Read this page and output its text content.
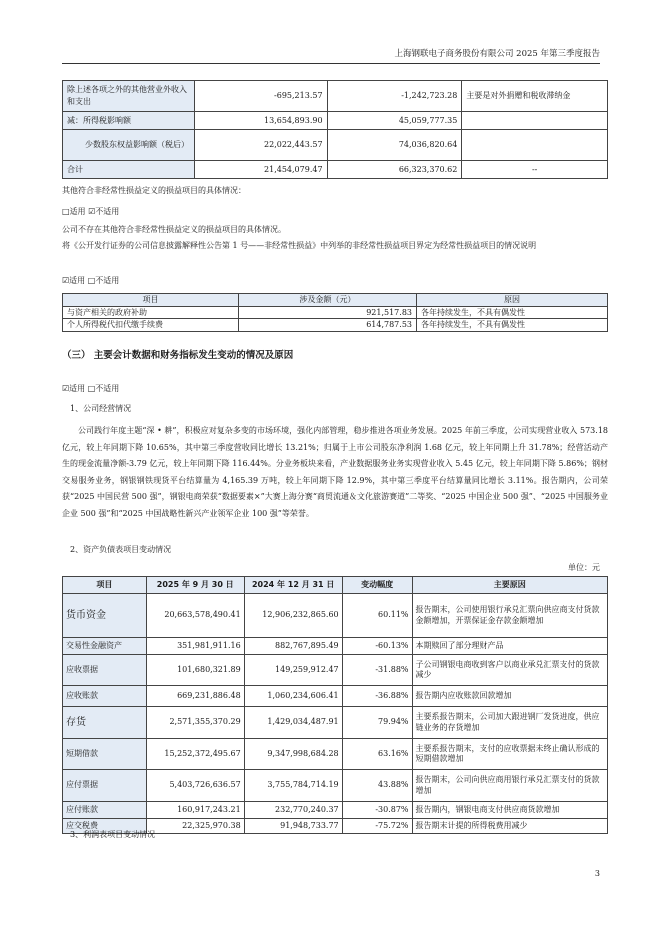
上海钢联电子商务股份有限公司 2025 年第三季度报告
除上述各项之外的其他营业外收入和支出	-695,213.57	-1,242,723.28	主要是对外捐赠和税收滞纳金
减：所得税影响额	13,654,893.90	45,059,777.35	
少数股东权益影响额（税后）	22,022,443.57	74,036,820.64	
合计	21,454,079.47	66,323,370.62	--
其他符合非经常性损益定义的损益项目的具体情况：
□适用 ☑不适用
公司不存在其他符合非经常性损益定义的损益项目的具体情况。
将《公开发行证券的公司信息披露解释性公告第 1 号——非经常性损益》中列举的非经常性损益项目界定为经常性损益项目的情况说明
☑适用 □不适用
项目	涉及金额（元）	原因
与资产相关的政府补助	921,517.83	各年持续发生，不具有偶发性
个人所得税代扣代缴手续费	614,787.53	各年持续发生，不具有偶发性
（三） 主要会计数据和财务指标发生变动的情况及原因
☑适用 □不适用
1、公司经营情况
公司践行年度主题“深 • 耕”，积极应对复杂多变的市场环境，强化内部管理，稳步推进各项业务发展。2025 年前三季度，公司实现营业收入 573.18 亿元，较上年同期下降 10.65%，其中第三季度营收同比增长 13.21%；归属于上市公司股东净利润 1.68 亿元，较上年同期上升 31.78%；经营活动产生的现金流量净额-3.79 亿元，较上年同期下降 116.44%。分业务板块来看，产业数据服务业务实现营业收入 5.45 亿元，较上年同期下降 5.86%；钢材交易服务业务，钢银钢铁现货平台结算量为 4,165.39 万吨，较上年同期下降 12.9%，其中第三季度平台结算量同比增长 3.11%。报告期内，公司荣获“2025 中国民营 500 强”，钢银电商荣获“数据要素×”大赛上海分赛“商贸流通＆文化旅游赛道”二等奖、“2025 中国企业 500 强”、“2025 中国服务业企业 500 强”和“2025 中国战略性新兴产业领军企业 100 强”等荣誉。
2、资产负债表项目变动情况
单位：元
项目	2025 年 9 月 30 日	2024 年 12 月 31 日	变动幅度	主要原因
货币资金	20,663,578,490.41	12,906,232,865.60	60.11%	报告期末，公司使用银行承兑汇票向供应商支付货款金额增加，开票保证金存款金额增加
交易性金融资产	351,981,911.16	882,767,895.49	-60.13%	本期赎回了部分理财产品
应收票据	101,680,321.89	149,259,912.47	-31.88%	子公司钢银电商收到客户以商业承兑汇票支付的货款减少
应收账款	669,231,886.48	1,060,234,606.41	-36.88%	报告期内应收账款回款增加
存货	2,571,355,370.29	1,429,034,487.91	79.94%	主要系报告期末，公司加大跟进钢厂发货进度，供应链业务的存货增加
短期借款	15,252,372,495.67	9,347,998,684.28	63.16%	主要系报告期末，支付的应收票据未终止确认形成的短期借款增加
应付票据	5,403,726,636.57	3,755,784,714.19	43.88%	报告期末，公司向供应商用银行承兑汇票支付的货款增加
应付账款	160,917,243.21	232,770,240.37	-30.87%	报告期内，钢银电商支付供应商货款增加
应交税费	22,325,970.38	91,948,733.77	-75.72%	报告期末计提的所得税费用减少
3、利润表项目变动情况
3
